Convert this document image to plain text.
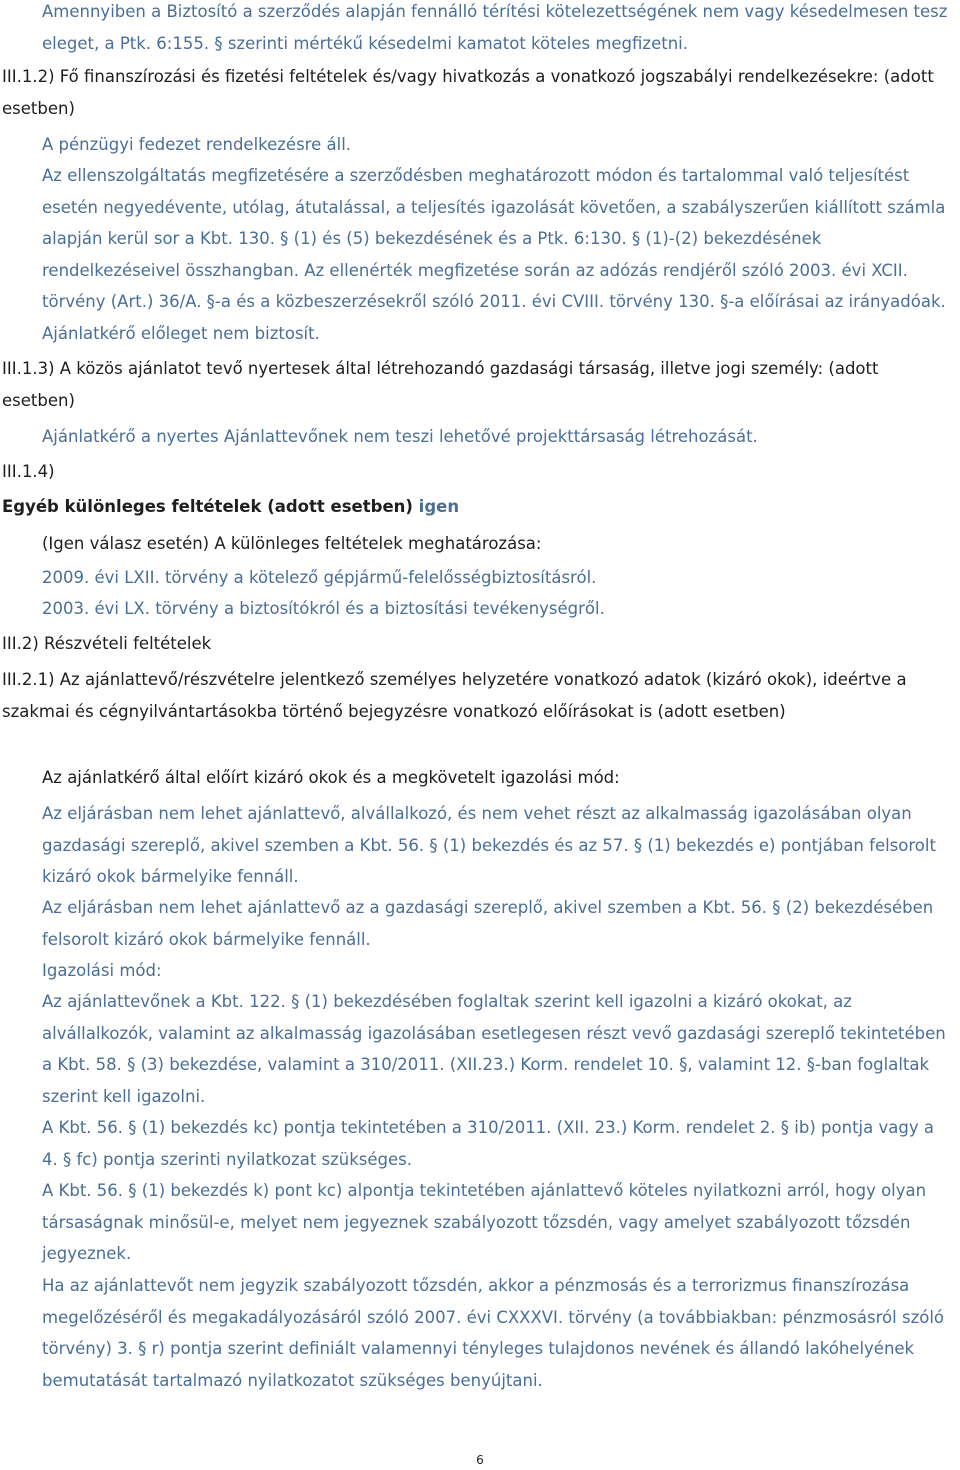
Amennyiben a Biztosító a szerződés alapján fennálló térítési kötelezettségének nem vagy késedelmesen tesz eleget, a Ptk. 6:155. § szerinti mértékű késedelmi kamatot köteles megfizetni.

III.1.2) Fő finanszírozási és fizetési feltételek és/vagy hivatkozás a vonatkozó jogszabályi rendelkezésekre: (adott esetben)

A pénzügyi fedezet rendelkezésre áll.

Az ellenszolgáltatás megfizetésére a szerződésben meghatározott módon és tartalommal való teljesítést esetén negyedévente, utólag, átutalással, a teljesítés igazolását követően, a szabályszerűen kiállított számla alapján kerül sor a Kbt. 130. § (1) és (5) bekezdésének és a Ptk. 6:130. § (1)-(2) bekezdésének rendelkezéseivel összhangban. Az ellenérték megfizetése során az adózás rendjéről szóló 2003. évi XCII. törvény (Art.) 36/A. §-a és a közbeszerzésekről szóló 2011. évi CVIII. törvény 130. §-a előírásai az irányadóak. Ajánlatkérő előleget nem biztosít.

III.1.3) A közös ajánlatot tevő nyertesek által létrehozandó gazdasági társaság, illetve jogi személy: (adott esetben)

Ajánlatkérő a nyertes Ajánlattevőnek nem teszi lehetővé projekttársaság létrehozását.

III.1.4)

Egyéb különleges feltételek (adott esetben) igen

(Igen válasz esetén) A különleges feltételek meghatározása:

2009. évi LXII. törvény a kötelező gépjármű-felelősségbiztosításról.

2003. évi LX. törvény a biztosítókról és a biztosítási tevékenységről.

III.2) Részvételi feltételek

III.2.1) Az ajánlattevő/részvételre jelentkező személyes helyzetére vonatkozó adatok (kizáró okok), ideértve a szakmai és cégnyilvántartásokba történő bejegyzésre vonatkozó előírásokat is (adott esetben)

Az ajánlatkérő által előírt kizáró okok és a megkövetelt igazolási mód:

Az eljárásban nem lehet ajánlattevő, alvállalkozó, és nem vehet részt az alkalmasság igazolásában olyan gazdasági szereplő, akivel szemben a Kbt. 56. § (1) bekezdés és az 57. § (1) bekezdés e) pontjában felsorolt kizáró okok bármelyike fennáll.

Az eljárásban nem lehet ajánlattevő az a gazdasági szereplő, akivel szemben a Kbt. 56. § (2) bekezdésében felsorolt kizáró okok bármelyike fennáll.

Igazolási mód:

Az ajánlattevőnek a Kbt. 122. § (1) bekezdésében foglaltak szerint kell igazolni a kizáró okokat, az alvállalkozók, valamint az alkalmasság igazolásában esetlegesen részt vevő gazdasági szereplő tekintetében a Kbt. 58. § (3) bekezdése, valamint a 310/2011. (XII.23.) Korm. rendelet 10. §, valamint 12. §-ban foglaltak szerint kell igazolni.

A Kbt. 56. § (1) bekezdés kc) pontja tekintetében a 310/2011. (XII. 23.) Korm. rendelet 2. § ib) pontja vagy a 4. § fc) pontja szerinti nyilatkozat szükséges.

A Kbt. 56. § (1) bekezdés k) pont kc) alpontja tekintetében ajánlattevő köteles nyilatkozni arról, hogy olyan társaságnak minősül-e, melyet nem jegyeznek szabályozott tőzsdén, vagy amelyet szabályozott tőzsdén jegyeznek.

Ha az ajánlattevőt nem jegyzik szabályozott tőzsdén, akkor a pénzmosás és a terrorizmus finanszírozása megelőzéséről és megakadályozásáról szóló 2007. évi CXXXVI. törvény (a továbbiakban: pénzmosásról szóló törvény) 3. § r) pontja szerint definiált valamennyi tényleges tulajdonos nevének és állandó lakóhelyének bemutatását tartalmazó nyilatkozatot szükséges benyújtani.

6
